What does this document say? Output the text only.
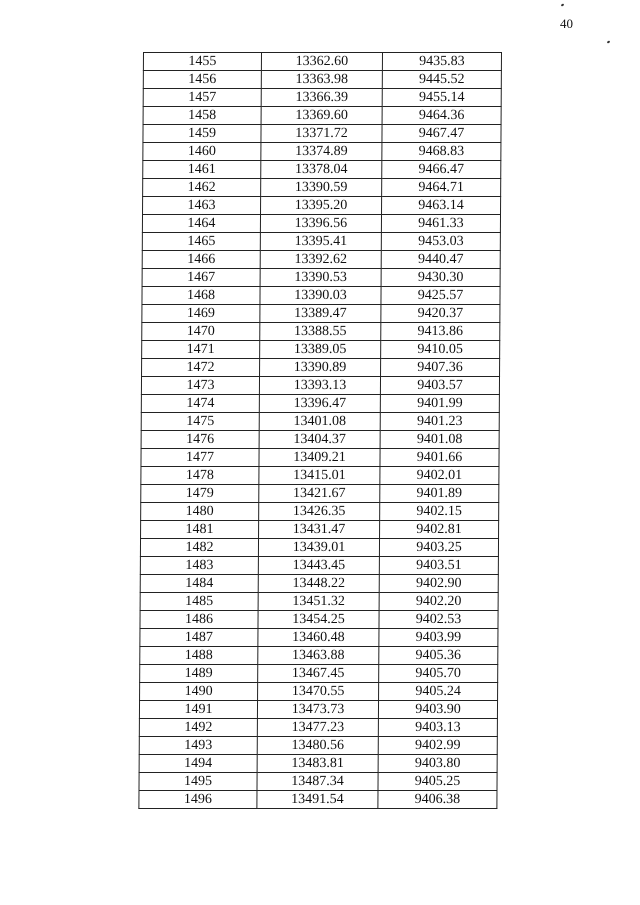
40
1455	13362.60	9435.83
1456	13363.98	9445.52
1457	13366.39	9455.14
1458	13369.60	9464.36
1459	13371.72	9467.47
1460	13374.89	9468.83
1461	13378.04	9466.47
1462	13390.59	9464.71
1463	13395.20	9463.14
1464	13396.56	9461.33
1465	13395.41	9453.03
1466	13392.62	9440.47
1467	13390.53	9430.30
1468	13390.03	9425.57
1469	13389.47	9420.37
1470	13388.55	9413.86
1471	13389.05	9410.05
1472	13390.89	9407.36
1473	13393.13	9403.57
1474	13396.47	9401.99
1475	13401.08	9401.23
1476	13404.37	9401.08
1477	13409.21	9401.66
1478	13415.01	9402.01
1479	13421.67	9401.89
1480	13426.35	9402.15
1481	13431.47	9402.81
1482	13439.01	9403.25
1483	13443.45	9403.51
1484	13448.22	9402.90
1485	13451.32	9402.20
1486	13454.25	9402.53
1487	13460.48	9403.99
1488	13463.88	9405.36
1489	13467.45	9405.70
1490	13470.55	9405.24
1491	13473.73	9403.90
1492	13477.23	9403.13
1493	13480.56	9402.99
1494	13483.81	9403.80
1495	13487.34	9405.25
1496	13491.54	9406.38
